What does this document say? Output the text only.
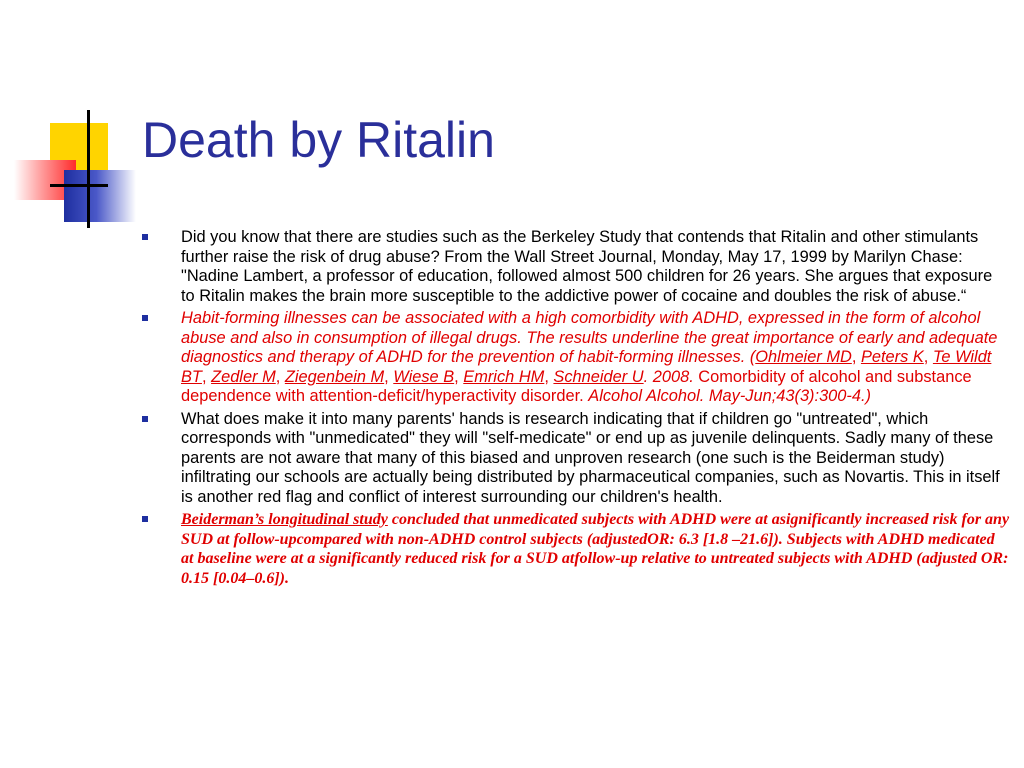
Death by Ritalin
Did you know that there are studies such as the Berkeley Study that contends that Ritalin and other stimulants further raise the risk of drug abuse? From the Wall Street Journal, Monday, May 17, 1999 by Marilyn Chase: "Nadine Lambert, a professor of education, followed almost 500 children for 26 years. She argues that exposure to Ritalin makes the brain more susceptible to the addictive power of cocaine and doubles the risk of abuse.“
Habit-forming illnesses can be associated with a high comorbidity with ADHD, expressed in the form of alcohol abuse and also in consumption of illegal drugs. The results underline the great importance of early and adequate diagnostics and therapy of ADHD for the prevention of habit-forming illnesses. (Ohlmeier MD, Peters K, Te Wildt BT, Zedler M, Ziegenbein M, Wiese B, Emrich HM, Schneider U. 2008. Comorbidity of alcohol and substance dependence with attention-deficit/hyperactivity disorder. Alcohol Alcohol. May-Jun;43(3):300-4.)
What does make it into many parents' hands is research indicating that if children go "untreated", which corresponds with "unmedicated" they will "self-medicate" or end up as juvenile delinquents. Sadly many of these parents are not aware that many of this biased and unproven research (one such is the Beiderman study) infiltrating our schools are actually being distributed by pharmaceutical companies, such as Novartis. This in itself is another red flag and conflict of interest surrounding our children's health.
Beiderman’s longitudinal study concluded that unmedicated subjects with ADHD were at asignificantly increased risk for any SUD at follow-upcompared with non-ADHD control subjects (adjustedOR: 6.3 [1.8 –21.6]). Subjects with ADHD medicated at baseline were at a significantly reduced risk for a SUD atfollow-up relative to untreated subjects with ADHD (adjusted OR: 0.15 [0.04–0.6]).
